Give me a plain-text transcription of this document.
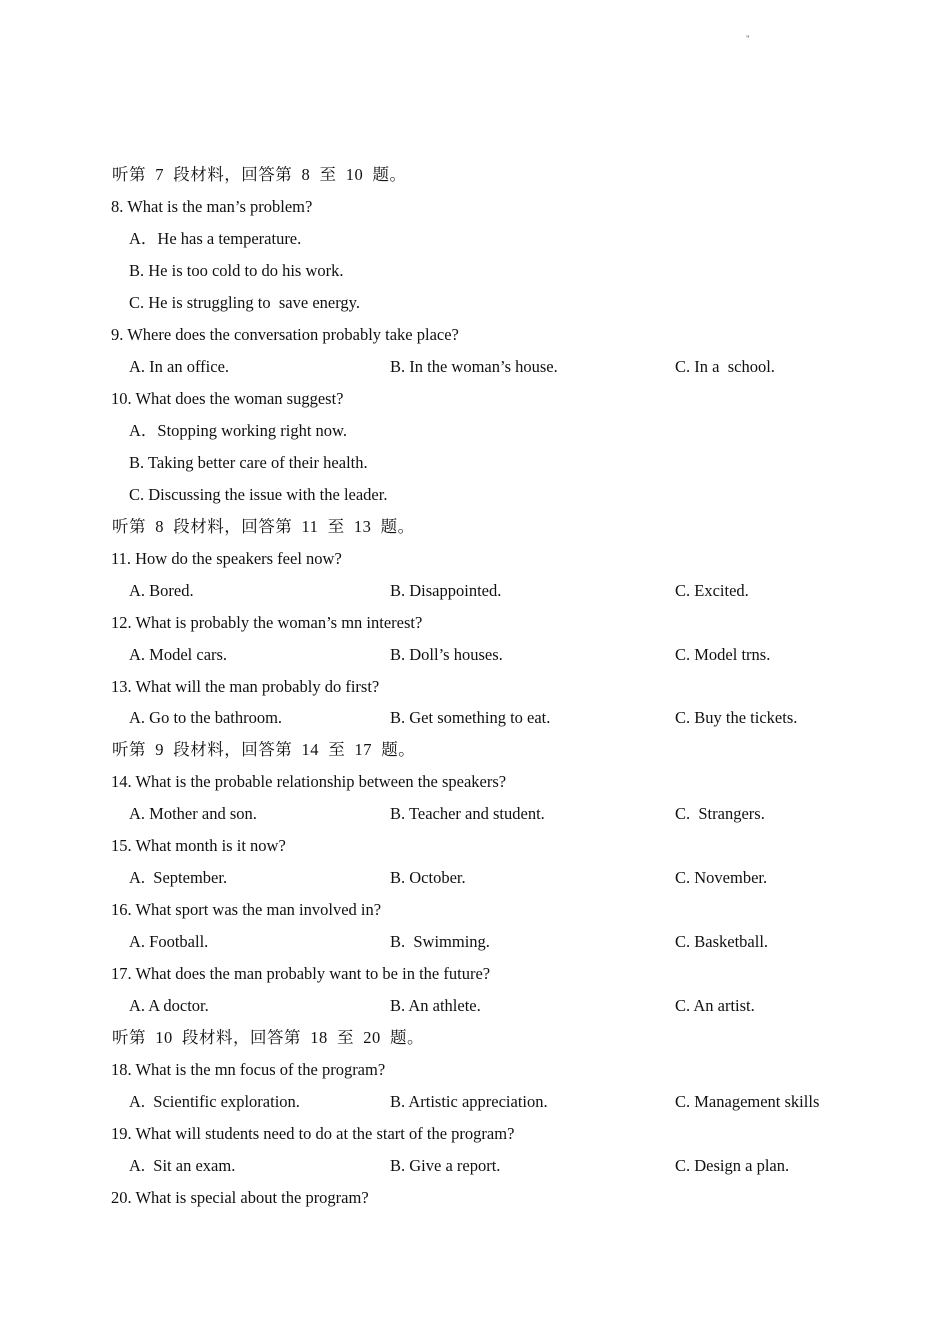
"
听第  7  段材料，回答第  8  至  10  题。
8. What is the man’s problem?
A．He has a temperature.
B. He is too cold to do his work.
C. He is struggling to  save energy.
9. Where does the conversation probably take place?
A. In an office.	B. In the woman’s house.	C. In a  school.
10. What does the woman suggest?
A．Stopping working right now.
B. Taking better care of their health.
C. Discussing the issue with the leader.
听第  8  段材料，回答第  11  至  13  题。
11. How do the speakers feel now?
A. Bored.	B. Disappointed.	C. Excited.
12. What is probably the woman’s mn interest?
A. Model cars.	B. Doll’s houses.	C. Model trns.
13. What will the man probably do first?
A. Go to the bathroom.	B. Get something to eat.	C. Buy the tickets.
听第  9  段材料，回答第  14  至  17  题。
14. What is the probable relationship between the speakers?
A. Mother and son.	B. Teacher and student.	C.  Strangers.
15. What month is it now?
A.  September.	B. October.	C. November.
16. What sport was the man involved in?
A. Football.	B.  Swimming.	C. Basketball.
17. What does the man probably want to be in the future?
A. A doctor.	B. An athlete.	C. An artist.
听第  10  段材料，回答第  18  至  20  题。
18. What is the mn focus of the program?
A.  Scientific exploration.	B. Artistic appreciation.	C. Management skills
19. What will students need to do at the start of the program?
A.  Sit an exam.	B. Give a report.	C. Design a plan.
20. What is special about the program?
